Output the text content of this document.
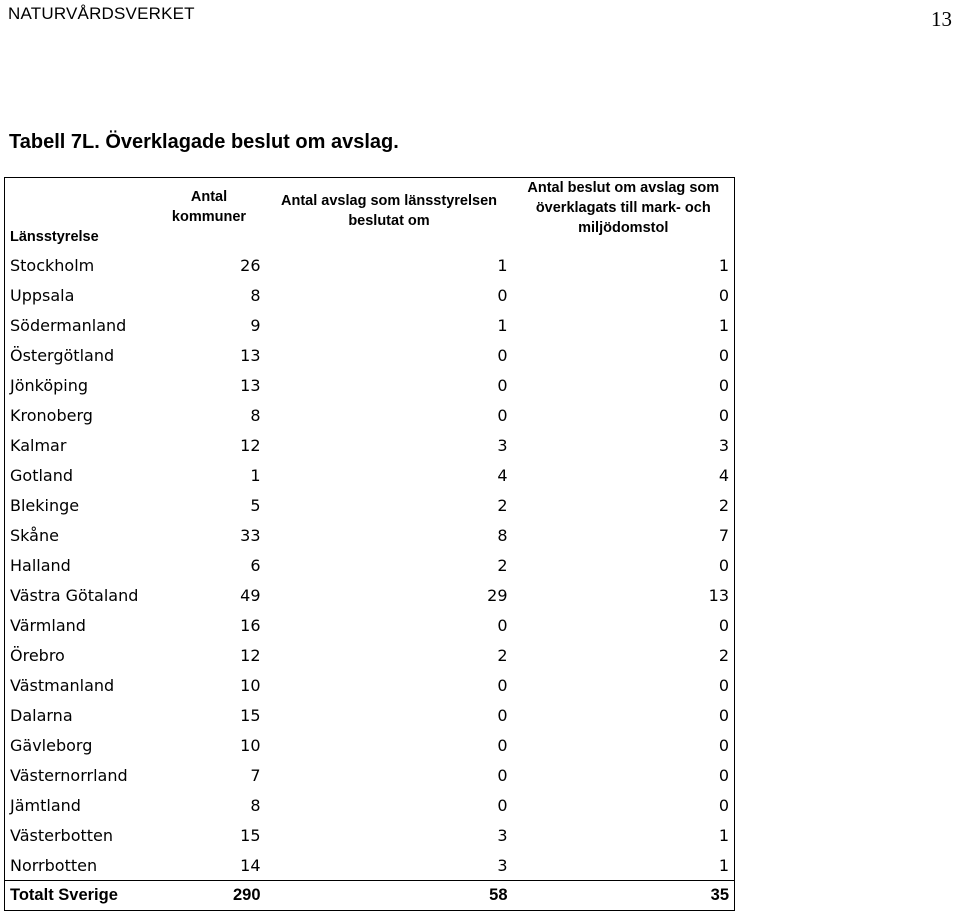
NATURVÅRDSVERKET	13
Tabell 7L. Överklagade beslut om avslag.
Länsstyrelse	Antal kommuner	Antal avslag som länsstyrelsen beslutat om	Antal beslut om avslag som överklagats till mark- och miljödomstol

Stockholm	26	1	1
Uppsala	8	0	0
Södermanland	9	1	1
Östergötland	13	0	0
Jönköping	13	0	0
Kronoberg	8	0	0
Kalmar	12	3	3
Gotland	1	4	4
Blekinge	5	2	2
Skåne	33	8	7
Halland	6	2	0
Västra Götaland	49	29	13
Värmland	16	0	0
Örebro	12	2	2
Västmanland	10	0	0
Dalarna	15	0	0
Gävleborg	10	0	0
Västernorrland	7	0	0
Jämtland	8	0	0
Västerbotten	15	3	1
Norrbotten	14	3	1
Totalt Sverige	290	58	35
